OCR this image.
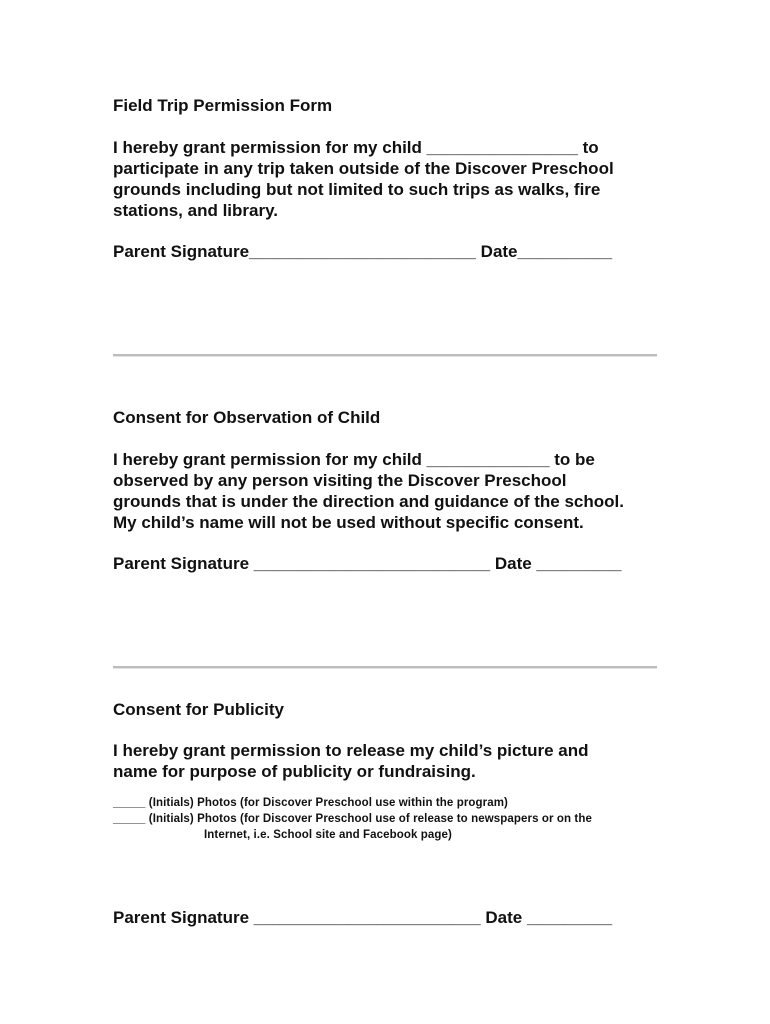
Field Trip Permission Form

I hereby grant permission for my child ________________ to
participate in any trip taken outside of the Discover Preschool
grounds including but not limited to such trips as walks, fire
stations, and library.

Parent Signature________________________ Date__________

Consent for Observation of Child

I hereby grant permission for my child _____________ to be
observed by any person visiting the Discover Preschool
grounds that is under the direction and guidance of the school.
My child’s name will not be used without specific consent.

Parent Signature _________________________ Date _________

Consent for Publicity

I hereby grant permission to release my child’s picture and
name for purpose of publicity or fundraising.

_____ (Initials) Photos (for Discover Preschool use within the program)

_____ (Initials) Photos (for Discover Preschool use of release to newspapers or on the

Internet, i.e. School site and Facebook page)

Parent Signature ________________________ Date _________
